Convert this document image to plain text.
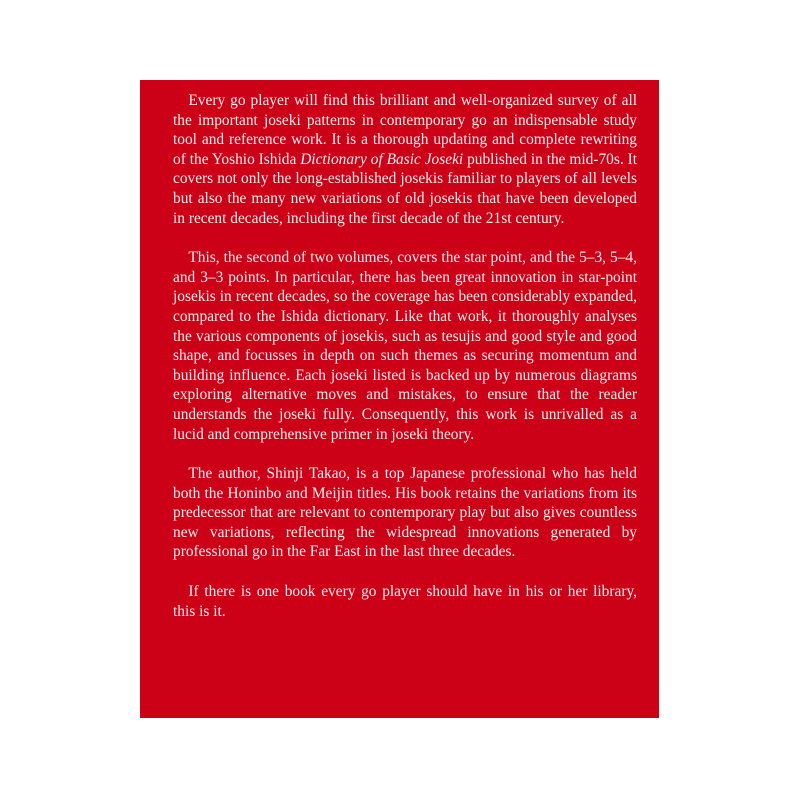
 Every go player will find this brilliant and well-organized survey of all the important joseki patterns in contemporary go an indispensable study tool and reference work. It is a thorough updating and complete rewriting of the Yoshio Ishida Dictionary of Basic Joseki published in the mid-70s. It covers not only the long-established josekis familiar to players of all levels but also the many new variations of old josekis that have been developed in recent decades, including the first decade of the 21st century.

 This, the second of two volumes, covers the star point, and the 5–3, 5–4, and 3–3 points. In particular, there has been great innovation in star-point josekis in recent decades, so the coverage has been considerably expanded, compared to the Ishida dictionary. Like that work, it thoroughly analyses the various components of josekis, such as tesujis and good style and good shape, and focusses in depth on such themes as securing momentum and building influence. Each joseki listed is backed up by numerous diagrams exploring alternative moves and mistakes, to ensure that the reader understands the joseki fully. Consequently, this work is unrivalled as a lucid and comprehensive primer in joseki theory.

 The author, Shinji Takao, is a top Japanese professional who has held both the Honinbo and Meijin titles. His book retains the variations from its predecessor that are relevant to contemporary play but also gives countless new variations, reflecting the widespread innovations generated by professional go in the Far East in the last three decades.

 If there is one book every go player should have in his or her library, this is it.
